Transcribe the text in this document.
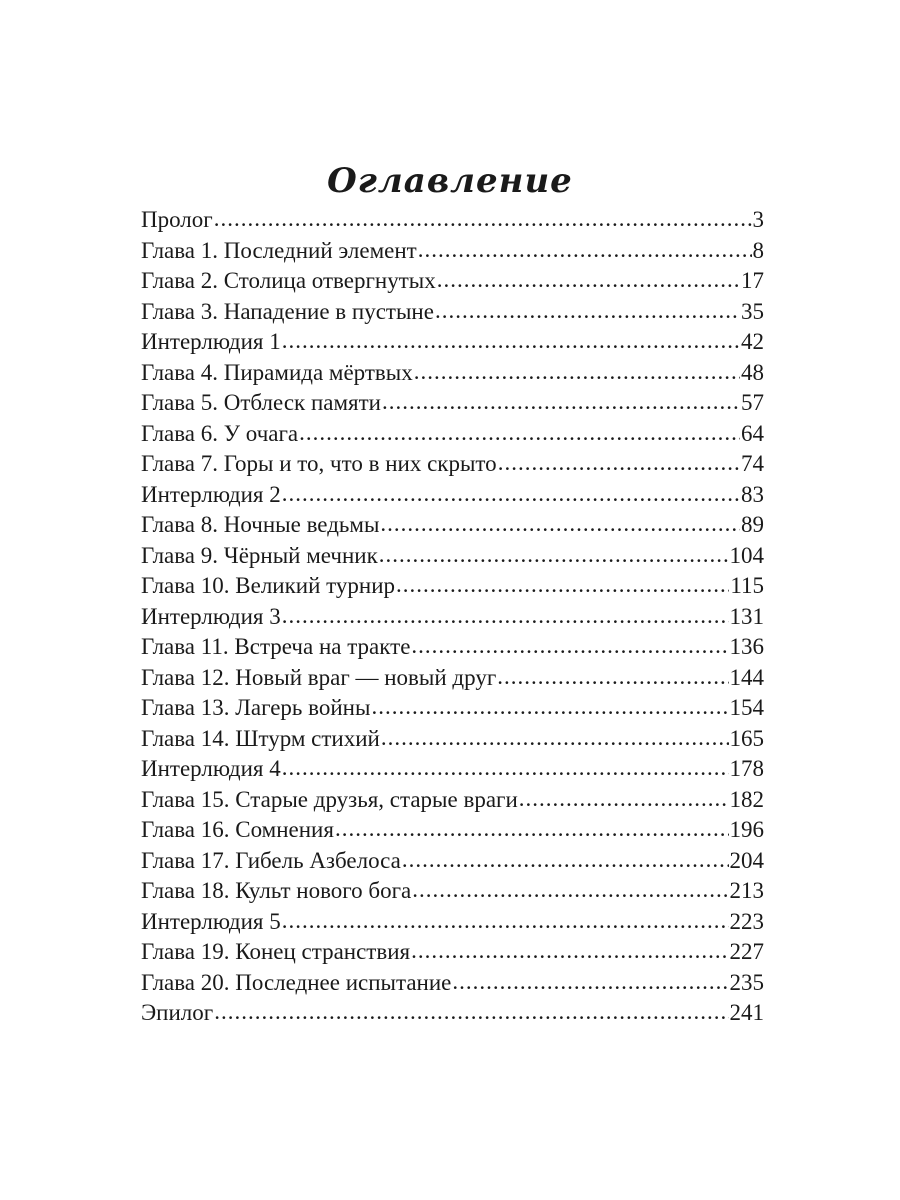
Оглавление
Пролог .....	3
Глава 1. Последний элемент .....	8
Глава 2. Столица отвергнутых .....	17
Глава 3. Нападение в пустыне .....	35
Интерлюдия 1 .....	42
Глава 4. Пирамида мёртвых .....	48
Глава 5. Отблеск памяти .....	57
Глава 6. У очага .....	64
Глава 7. Горы и то, что в них скрыто .....	74
Интерлюдия 2 .....	83
Глава 8. Ночные ведьмы .....	89
Глава 9. Чёрный мечник .....	104
Глава 10. Великий турнир .....	115
Интерлюдия 3 .....	131
Глава 11. Встреча на тракте .....	136
Глава 12. Новый враг — новый друг .....	144
Глава 13. Лагерь войны .....	154
Глава 14. Штурм стихий .....	165
Интерлюдия 4 .....	178
Глава 15. Старые друзья, старые враги .....	182
Глава 16. Сомнения .....	196
Глава 17. Гибель Азбелоса .....	204
Глава 18. Культ нового бога .....	213
Интерлюдия 5 .....	223
Глава 19. Конец странствия .....	227
Глава 20. Последнее испытание .....	235
Эпилог .....	241
